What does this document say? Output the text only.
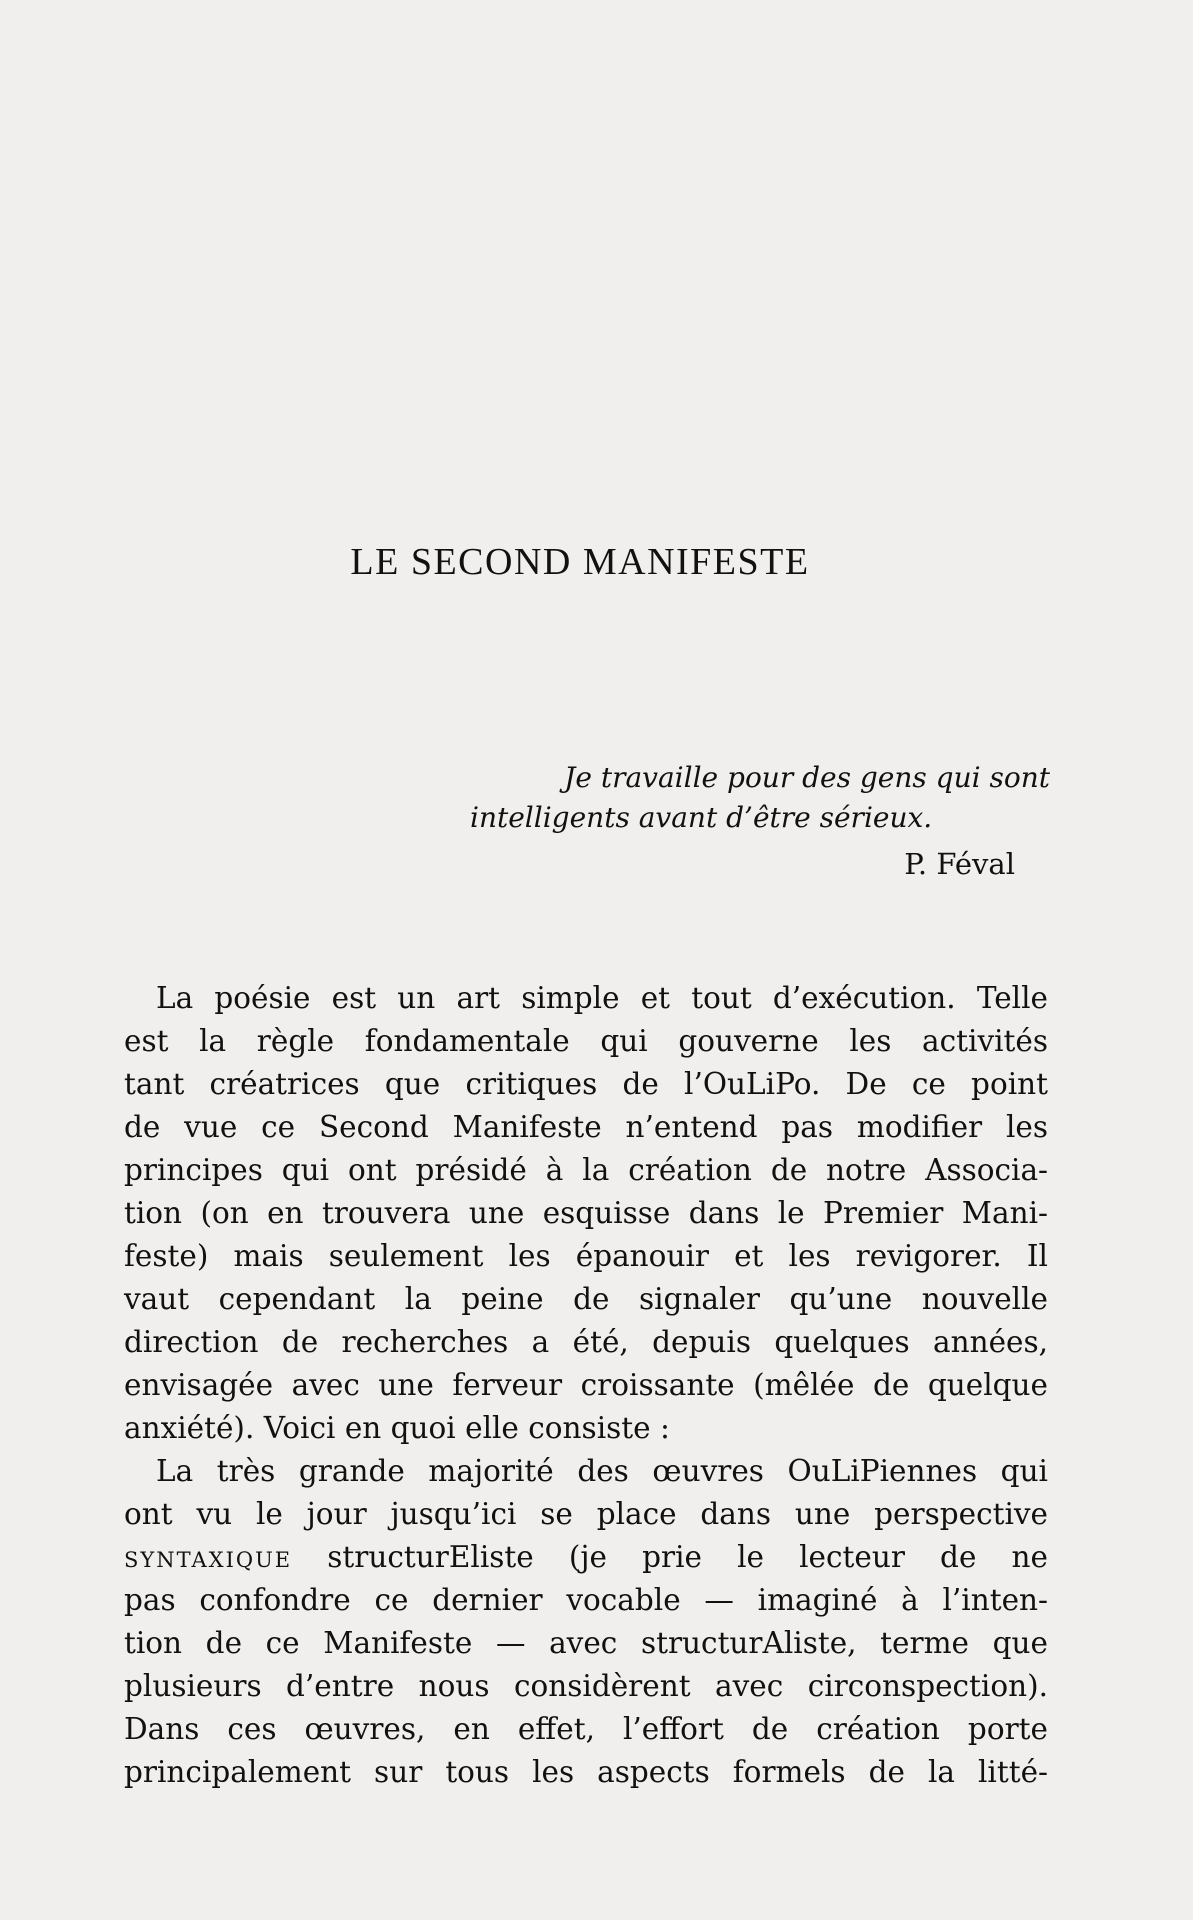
LE SECOND MANIFESTE
Je travaille pour des gens qui sont
intelligents avant d’être sérieux.
P. Féval
La poésie est un art simple et tout d’exécution. Telle
est la règle fondamentale qui gouverne les activités
tant créatrices que critiques de l’OuLiPo. De ce point
de vue ce Second Manifeste n’entend pas modifier les
principes qui ont présidé à la création de notre Associa-
tion (on en trouvera une esquisse dans le Premier Mani-
feste) mais seulement les épanouir et les revigorer. Il
vaut cependant la peine de signaler qu’une nouvelle
direction de recherches a été, depuis quelques années,
envisagée avec une ferveur croissante (mêlée de quelque
anxiété). Voici en quoi elle consiste :
La très grande majorité des œuvres OuLiPiennes qui
ont vu le jour jusqu’ici se place dans une perspective
SYNTAXIQUE structurEliste (je prie le lecteur de ne
pas confondre ce dernier vocable — imaginé à l’inten-
tion de ce Manifeste — avec structurAliste, terme que
plusieurs d’entre nous considèrent avec circonspection).
Dans ces œuvres, en effet, l’effort de création porte
principalement sur tous les aspects formels de la litté-
